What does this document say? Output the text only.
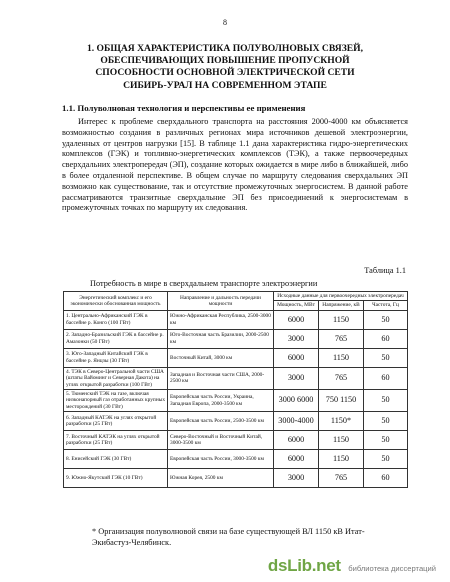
8
1. ОБЩАЯ ХАРАКТЕРИСТИКА ПОЛУВОЛНОВЫХ СВЯЗЕЙ, ОБЕСПЕЧИВАЮЩИХ ПОВЫШЕНИЕ ПРОПУСКНОЙ СПОСОБНОСТИ ОСНОВНОЙ ЭЛЕКТРИЧЕСКОЙ СЕТИ СИБИРЬ-УРАЛ НА СОВРЕМЕННОМ ЭТАПЕ
1.1. Полуволновая технология и перспективы ее применения

Интерес к проблеме сверхдального транспорта на расстояния 2000-4000 км объясняется возможностью создания в различных регионах мира источников дешевой электроэнергии, удаленных от центров нагрузки [15]. В таблице 1.1 дана характеристика гидро-энергетических комплексов (ГЭК) и топливно-энергетических комплексов (ТЭК), а также первоочередных сверхдальних электропередач (ЭП), создание которых ожидается в мире либо в ближайшей, либо в более отдаленной перспективе. В общем случае по маршруту следования сверхдальних ЭП возможно как существование, так и отсутствие промежуточных энергосистем. В данной работе рассматриваются транзитные сверхдальние ЭП без присоединений к энергосистемам в промежуточных точках по маршруту их следования.

Таблица 1.1
Потребность в мире в сверхдальнем транспорте электроэнергии
Энергетический комплекс и его экономически обоснованная мощность	Направление и дальность передачи мощности	Исходные данные для первоочередных электропередач		
		Мощность, МВт	Напряжение, кВ	Частота, Гц
1. Центрально-Африканский ГЭК в бассейне р. Конго (100 ГВт)	Южно-Африканская Республика, 2500-3000 км	6000	1150	50
2. Западно-Бразильский ГЭК в бассейне р. Амазонки (50 ГВт)	Юго-Восточная часть Бразилии, 2000-2500 км	3000	765	60
3. Юго-Западный Китайский ГЭК в бассейне р. Янцзы (30 ГВт)	Восточный Китай, 3000 км	6000	1150	50
4. ТЭК в Северо-Центральной части США (штаты Вайоминг и Северная Дакота) на углях открытой разработки (100 ГВт)	Западная и Восточная части США, 2000-2500 км	3000	765	60
5. Тюменский ТЭК на газе, включая низконапорный газ отработанных крупных месторождений (30 ГВт)	Европейская часть России, Украина, Западная Европа, 2000-3500 км	3000 6000	750 1150	50
6. Западный КАТЭК на углях открытой разработки (25 ГВт)	Европейская часть России, 2500-3500 км	3000-4000	1150*	50
7. Восточный КАТЭК на углях открытой разработки (25 ГВт)	Северо-Восточный и Восточный Китай, 3000-3500 км	6000	1150	50
8. Енисейский ГЭК (30 ГВт)	Европейская часть России, 3000-3500 км	6000	1150	50
9. Южно-Якутский ГЭК (10 ГВт)	Южная Корея, 2500 км	3000	765	60
* Организация полуволновой связи на базе существующей ВЛ 1150 кВ Итат-Экибастуз-Челябинск.
dsLib.net библиотека диссертаций
